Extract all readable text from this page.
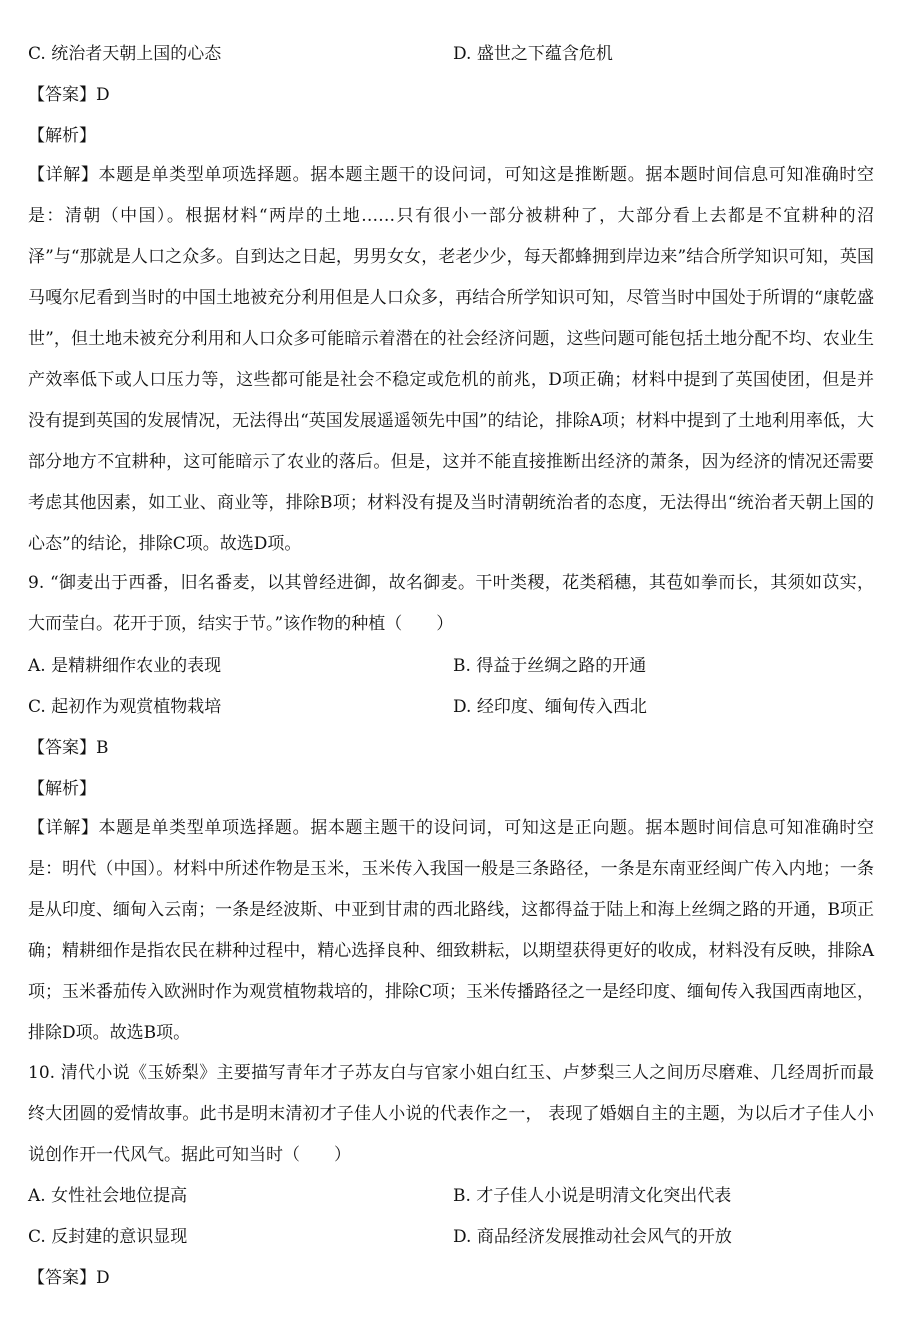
C. 统治者天朝上国的心态	D. 盛世之下蕴含危机
【答案】D
【解析】

【详解】本题是单类型单项选择题。据本题主题干的设问词，可知这是推断题。据本题时间信息可知准确时空是：清朝（中国）。根据材料“两岸的土地……只有很小一部分被耕种了，大部分看上去都是不宜耕种的沼泽”与“那就是人口之众多。自到达之日起，男男女女，老老少少，每天都蜂拥到岸边来”结合所学知识可知，英国马嘎尔尼看到当时的中国土地被充分利用但是人口众多，再结合所学知识可知，尽管当时中国处于所谓的“康乾盛世”，但土地未被充分利用和人口众多可能暗示着潜在的社会经济问题，这些问题可能包括土地分配不均、农业生产效率低下或人口压力等，这些都可能是社会不稳定或危机的前兆，D项正确；材料中提到了英国使团，但是并没有提到英国的发展情况，无法得出“英国发展遥遥领先中国”的结论，排除A项；材料中提到了土地利用率低，大部分地方不宜耕种，这可能暗示了农业的落后。但是，这并不能直接推断出经济的萧条，因为经济的情况还需要考虑其他因素，如工业、商业等，排除B项；材料没有提及当时清朝统治者的态度，无法得出“统治者天朝上国的心态”的结论，排除C项。故选D项。

9. “御麦出于西番，旧名番麦，以其曾经进御，故名御麦。干叶类稷，花类稻穗，其苞如拳而长，其须如苡实，大而莹白。花开于顶，结实于节。”该作物的种植（　　）

A. 是精耕细作农业的表现	B. 得益于丝绸之路的开通
C. 起初作为观赏植物栽培	D. 经印度、缅甸传入西北
【答案】B
【解析】

【详解】本题是单类型单项选择题。据本题主题干的设问词，可知这是正向题。据本题时间信息可知准确时空是：明代（中国）。材料中所述作物是玉米，玉米传入我国一般是三条路径，一条是东南亚经闽广传入内地；一条是从印度、缅甸入云南；一条是经波斯、中亚到甘肃的西北路线，这都得益于陆上和海上丝绸之路的开通，B项正确；精耕细作是指农民在耕种过程中，精心选择良种、细致耕耘，以期望获得更好的收成，材料没有反映，排除A项；玉米番茄传入欧洲时作为观赏植物栽培的，排除C项；玉米传播路径之一是经印度、缅甸传入我国西南地区，排除D项。故选B项。

10. 清代小说《玉娇梨》主要描写青年才子苏友白与官家小姐白红玉、卢梦梨三人之间历尽磨难、几经周折而最终大团圆的爱情故事。此书是明末清初才子佳人小说的代表作之一， 表现了婚姻自主的主题，为以后才子佳人小说创作开一代风气。据此可知当时（　　）

A. 女性社会地位提高	B. 才子佳人小说是明清文化突出代表
C. 反封建的意识显现	D. 商品经济发展推动社会风气的开放
【答案】D
